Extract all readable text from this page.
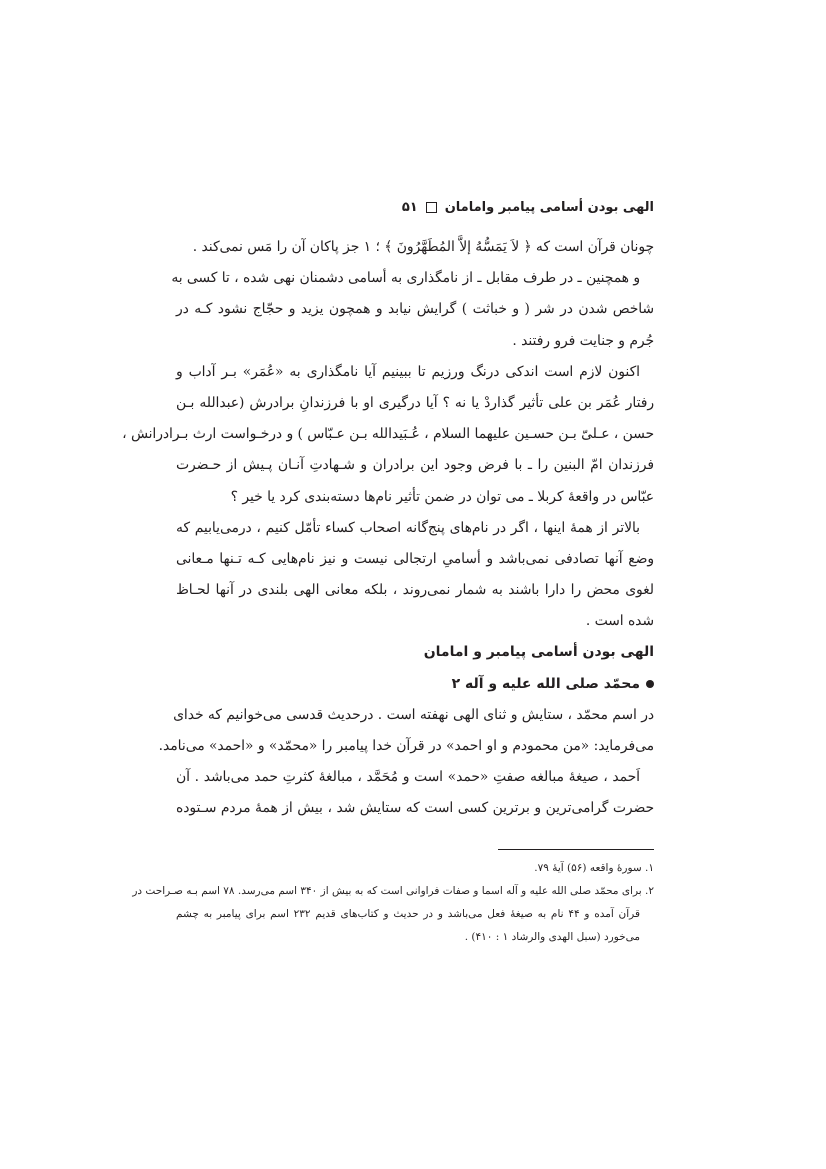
الهی بودن أسامی پیامبر وامامان
۵۱
چونان قرآن است که ﴿ لاَ یَمَسُّهُ إلاَّ المُطَهَّرُونَ ﴾ ؛ ۱ جز پاکان آن را مَس نمی‌کند .
و همچنین ـ در طرف مقابل ـ از نامگذاری به أسامی دشمنان نهی شده ، تا کسی به
شاخص شدن در شر ( و خباثت ) گرایش نیابد و همچون یزید و حجّاج نشود کـه در
جُرم و جنایت فرو رفتند .
اکنون لازم است اندکی درنگ ورزیم تا ببینیم آیا نامگذاری به «عُمَر» بـر آداب و
رفتار عُمَر بن علی تأثیر گذاردْ یا نه ؟ آیا درگیری او با فرزندانِ برادرش (عبدالله بـن
حسن ، عـلیّ بـن حسـین علیهما السلام ، عُـبَیدالله بـن عـبّاس ) و درخـواست ارث بـرادرانش ،
فرزندان امّ البنین را ـ با فرض وجود این برادران و شـهادتِ آنـان پـیش از حـضرت
عبّاس در واقعهٔ کربلا ـ می توان در ضمن تأثیر نام‌ها دسته‌بندی کرد یا خیر ؟
بالاتر از همهٔ اینها ، اگر در نام‌های پنج‌گانه اصحاب کساء تأمّل کنیم ، درمی‌یابیم که
وضع آنها تصادفی نمی‌باشد و أسامیِ ارتجالی نیست و نیز نام‌هایی کـه تـنها مـعانی
لغوی محض را دارا باشند به شمار نمی‌روند ، بلکه معانی الهی بلندی در آنها لحـاظ
شده است .
الهی بودن أسامی پیامبر و امامان
محمّد صلی الله علیه و آله ۲
در اسم محمّد ، ستایش و ثنای الهی نهفته است . درحدیث قدسی می‌خوانیم که خدای
می‌فرماید: «من محمودم و او احمد» در قرآن خدا پیامبر را «محمّد» و «احمد» می‌نامد.
اَحمد ، صیغهٔ مبالغه صفتِ «حمد» است و مُحَمَّد ، مبالغهٔ کثرتِ حمد می‌باشد . آن
حضرت گرامی‌ترین و برترین کسی است که ستایش شد ، بیش از همهٔ مردم سـتوده
۱. سورهٔ واقعه (۵۶) آیهٔ ۷۹.
۲. برای محمّد صلی الله علیه و آله اسما و صفات فراوانی است که به بیش از ۳۴۰ اسم می‌رسد. ۷۸ اسم بـه صـراحت در
قرآن آمده و ۴۴ نام به صیغهٔ فعل می‌باشد و در حدیث و کتاب‌های قدیم ۲۳۲ اسم برای پیامبر به چشم
می‌خورد (سبل الهدی والرشاد ۱ : ۴۱۰) .
